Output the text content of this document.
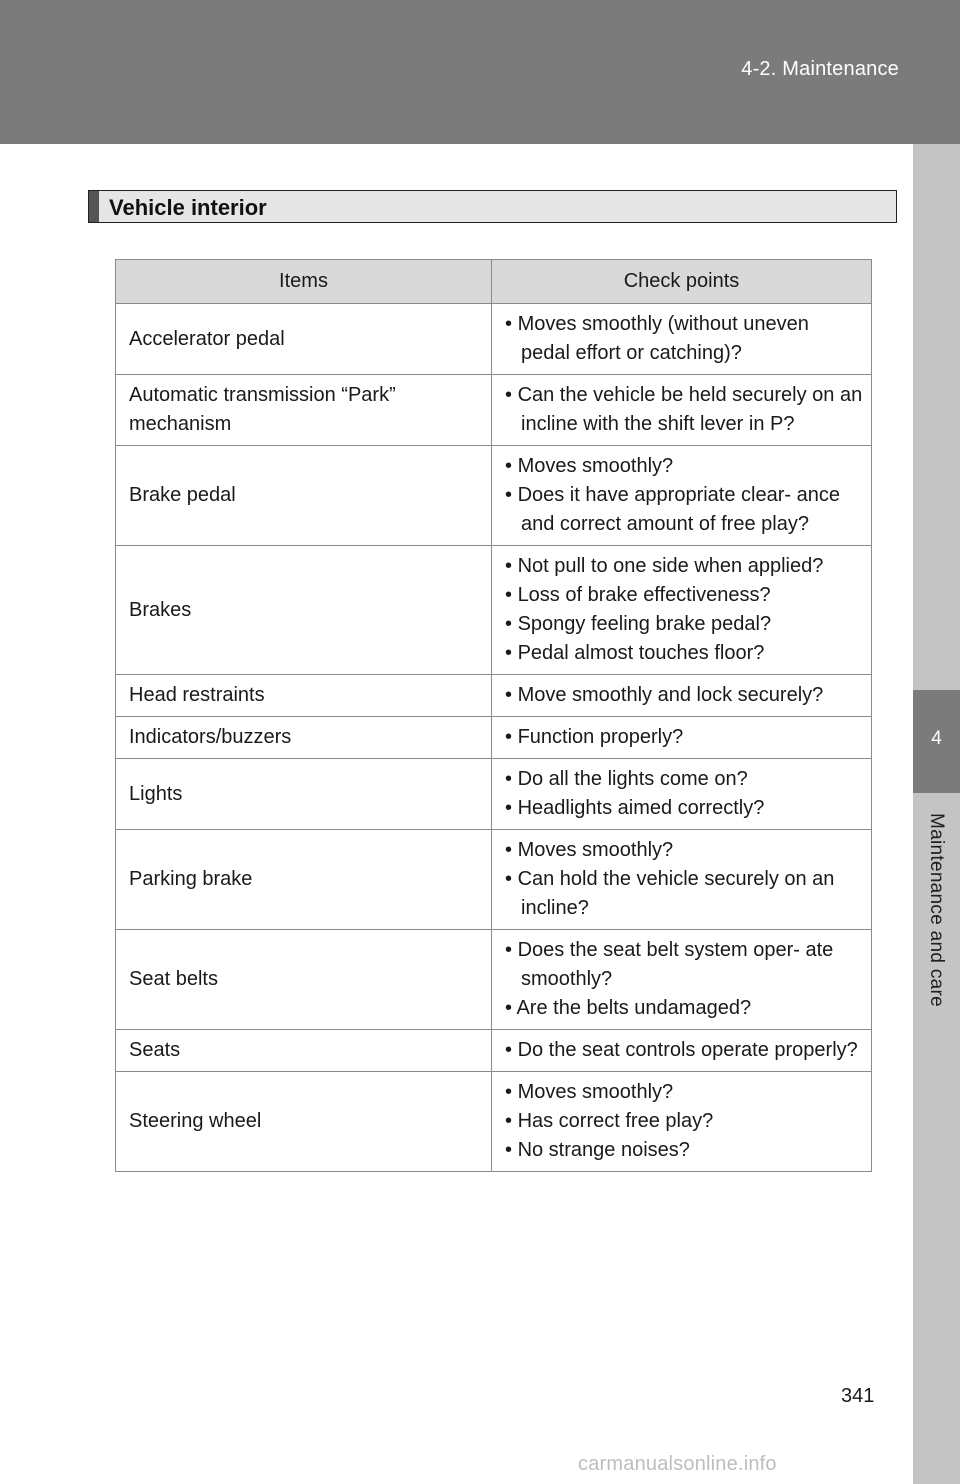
4-2. Maintenance
4
Maintenance and care
Vehicle interior
Items	Check points
Accelerator pedal	• Moves smoothly (without uneven pedal effort or catching)?

Automatic transmission “Park” mechanism	• Can the vehicle be held securely on an incline with the shift lever in P?

Brake pedal	• Moves smoothly?
• Does it have appropriate clear- ance and correct amount of free play?

Brakes	• Not pull to one side when applied?
• Loss of brake effectiveness?
• Spongy feeling brake pedal?
• Pedal almost touches floor?

Head restraints	• Move smoothly and lock securely?

Indicators/buzzers	• Function properly?

Lights	• Do all the lights come on?
• Headlights aimed correctly?

Parking brake	• Moves smoothly?
• Can hold the vehicle securely on an incline?

Seat belts	• Does the seat belt system oper- ate smoothly?
• Are the belts undamaged?

Seats	• Do the seat controls operate properly?

Steering wheel	• Moves smoothly?
• Has correct free play?
• No strange noises?
341
carmanualsonline.info
